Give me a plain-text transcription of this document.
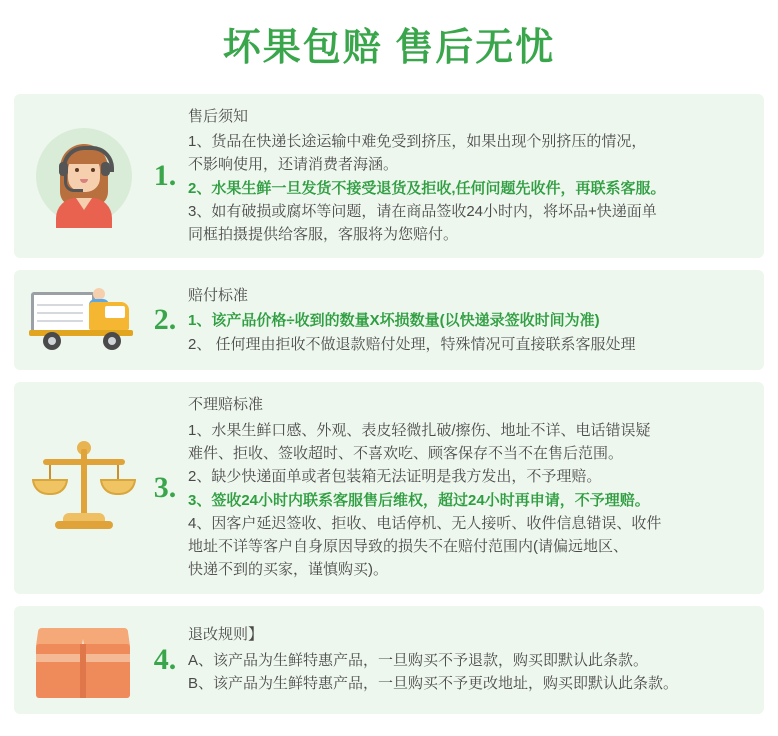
坏果包赔 售后无忧
1.
售后须知
1、货品在快递长途运输中难免受到挤压，如果出现个别挤压的情况，
不影响使用，还请消费者海涵。
2、水果生鲜一旦发货不接受退货及拒收,任何问题先收件，再联系客服。
3、如有破损或腐坏等问题，请在商品签收24小时内，将坏品+快递面单
同框拍摄提供给客服，客服将为您赔付。
2.
赔付标准
1、该产品价格÷收到的数量X坏损数量(以快递录签收时间为准)
2、 任何理由拒收不做退款赔付处理，特殊情况可直接联系客服处理
3.
不理赔标准
1、水果生鲜口感、外观、表皮轻微扎破/擦伤、地址不详、电话错误疑
难件、拒收、签收超时、不喜欢吃、顾客保存不当不在售后范围。
2、缺少快递面单或者包装箱无法证明是我方发出，不予理赔。
3、签收24小时内联系客服售后维权，超过24小时再申请，不予理赔。
4、因客户延迟签收、拒收、电话停机、无人接听、收件信息错误、收件
地址不详等客户自身原因导致的损失不在赔付范围内(请偏远地区、
快递不到的买家，谨慎购买)。
4.
退改规则】
A、该产品为生鲜特惠产品，一旦购买不予退款，购买即默认此条款。
B、该产品为生鲜特惠产品，一旦购买不予更改地址，购买即默认此条款。
